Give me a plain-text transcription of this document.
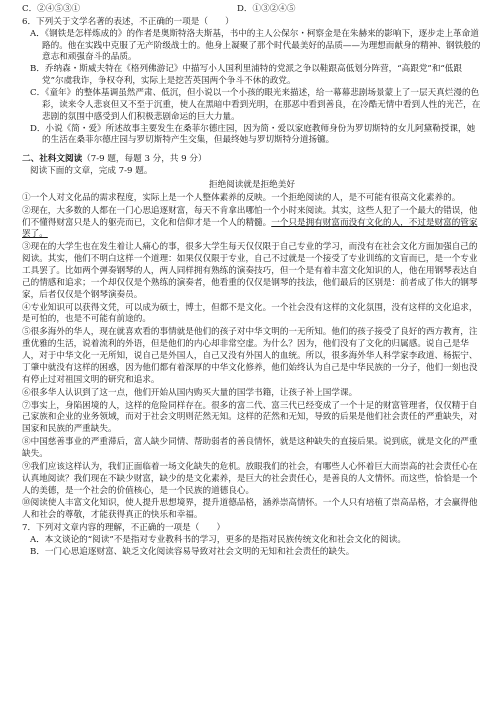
C．②④⑤③①	D．①③②④⑤
6．下列关于文学名著的表述，不正确的一项是（　　）
A．《钢铁是怎样炼成的》的作者是奥斯特洛夫斯基，书中的主人公保尔・柯察金是在朱赫来的影响下，逐步走上革命道路的。他在实践中克服了无产阶级战士的。他身上凝聚了那个时代最美好的品质——为理想而献身的精神、钢铁般的意志和顽强奋斗的品质。
B．乔纳森・斯威夫特在《格列佛游记》中描写小人国利里浦特的党派之争以鞋跟高低划分阵营，“高跟党”和“低跟党”尔虞我诈，争权夺利，实际上是挖苦英国两个争斗不休的政党。
C．《童年》的整体基调虽然严肃、低沉，但小说以一个小孩的眼光来描述，给一幕幕悲剧场景蒙上了一层天真烂漫的色彩，读来令人悲哀但又不至于沉重，使人在黑暗中看到光明，在那恶中看到善良，在冷酷无情中看到人性的光芒，在悲剧的氛围中感受到人们积极悲剧命运的巨大力量。
D．小说《简・爱》所述故事主要发生在桑菲尔德庄园，因为简・爱以家庭教师身份为罗切斯特的女儿阿黛勒授课，她的生活在桑菲尔德庄园与罗切斯特产生交集，但最终她与罗切斯特分道扬镳。
二、社科文阅读（7-9 题，每题 3 分，共 9 分）
阅读下面的文章，完成 7-9 题。
拒绝阅读就是拒绝美好
①一个人对文化品的需求程度，实际上是一个人整体素养的反映。一个拒绝阅读的人，是不可能有很高文化素养的。
②现在，大多数的人都在一门心思追逐财富，每天不肯拿出哪怕一个小时来阅读。其实，这些人犯了一个最大的错误，他们不懂得财富只是人的躯壳而已，文化和信仰才是一个人的精髓。一个只是拥有财富而没有文化的人，不过是财富的管家罢了。
③现在的大学生也在发生着让人痛心的事，很多大学生每天仅仅限于自己专业的学习，而没有在社会文化方面加强自己的阅读。其实，他们不明白这样一个道理：如果仅仅限于专业，自己不过就是一个接受了专业训练的文盲而已，是一个专业工具罢了。比如两个弹奏钢琴的人，两人同样拥有熟练的演奏技巧，但一个是有着丰富文化知识的人，他在用钢琴表达自己的情感和追求；一个却仅仅是个熟练的演奏者，他看重的仅仅是钢琴的技法，他们最后的区别是：前者成了伟大的钢琴家，后者仅仅是个钢琴演奏员。
④专业知识可以获得文凭，可以成为硕士，博士，但都不是文化。一个社会没有这样的文化氛围，没有这样的文化追求，是可怕的，也是不可能有前途的。
⑤很多海外的华人，现在就喜欢看的事情就是他们的孩子对中华文明的一无所知。他们的孩子接受了良好的西方教育，注重优雅的生活，说着流利的外语，但是他们的内心却非常空虚。为什么？因为，他们没有了文化的归属感。说自己是华人，对于中华文化一无所知，说自己是外国人，自己又没有外国人的血统。所以，很多海外华人科学家李政道、杨振宁、丁肇中就没有这样的困惑，因为他们都有着深厚的中华文化修养，他们始终认为自己是中华民族的一分子，他们一刻也没有停止过对祖国文明的研究和追求。
⑥很多华人认识到了这一点，他们开始从国内购买大量的国学书籍，让孩子补上国学课。
⑦事实上，身陷困境的人，这样的危险同样存在。很多的富二代、富三代已经变成了一个十足的财富管理者，仅仅精于自己家族和企业的业务领域，而对于社会文明则茫然无知。这样的茫然和无知，导致的后果是他们社会责任的严重缺失，对国家和民族的严重缺失。
⑧中国慈善事业的严重滞后，富人缺少同情、帮助弱者的善良情怀，就是这种缺失的直接后果。说到底，就是文化的严重缺失。
⑨我们应该这样认为，我们正面临着一场文化缺失的危机。放眼我们的社会，有哪些人心怀着巨大而崇高的社会责任心在认真地阅读？我们现在不缺少财富，缺少的是文化素养，是巨大的社会责任心，是善良的人文情怀。而这些，恰恰是一个人的美德，是一个社会的价值核心，是一个民族的道德良心。
⑩阅读使人丰富文化知识，使人提升思想境界，提升道德品格，涵养崇高情怀。一个人只有培植了崇高品格，才会赢得他人和社会的尊敬，才能获得真正的快乐和幸福。
7．下列对文章内容的理解，不正确的一项是（　　）
A．本文谈论的“阅读”不是指对专业教科书的学习，更多的是指对民族传统文化和社会文化的阅读。
B．一门心思追逐财富、缺乏文化阅读容易导致对社会文明的无知和社会责任的缺失。
